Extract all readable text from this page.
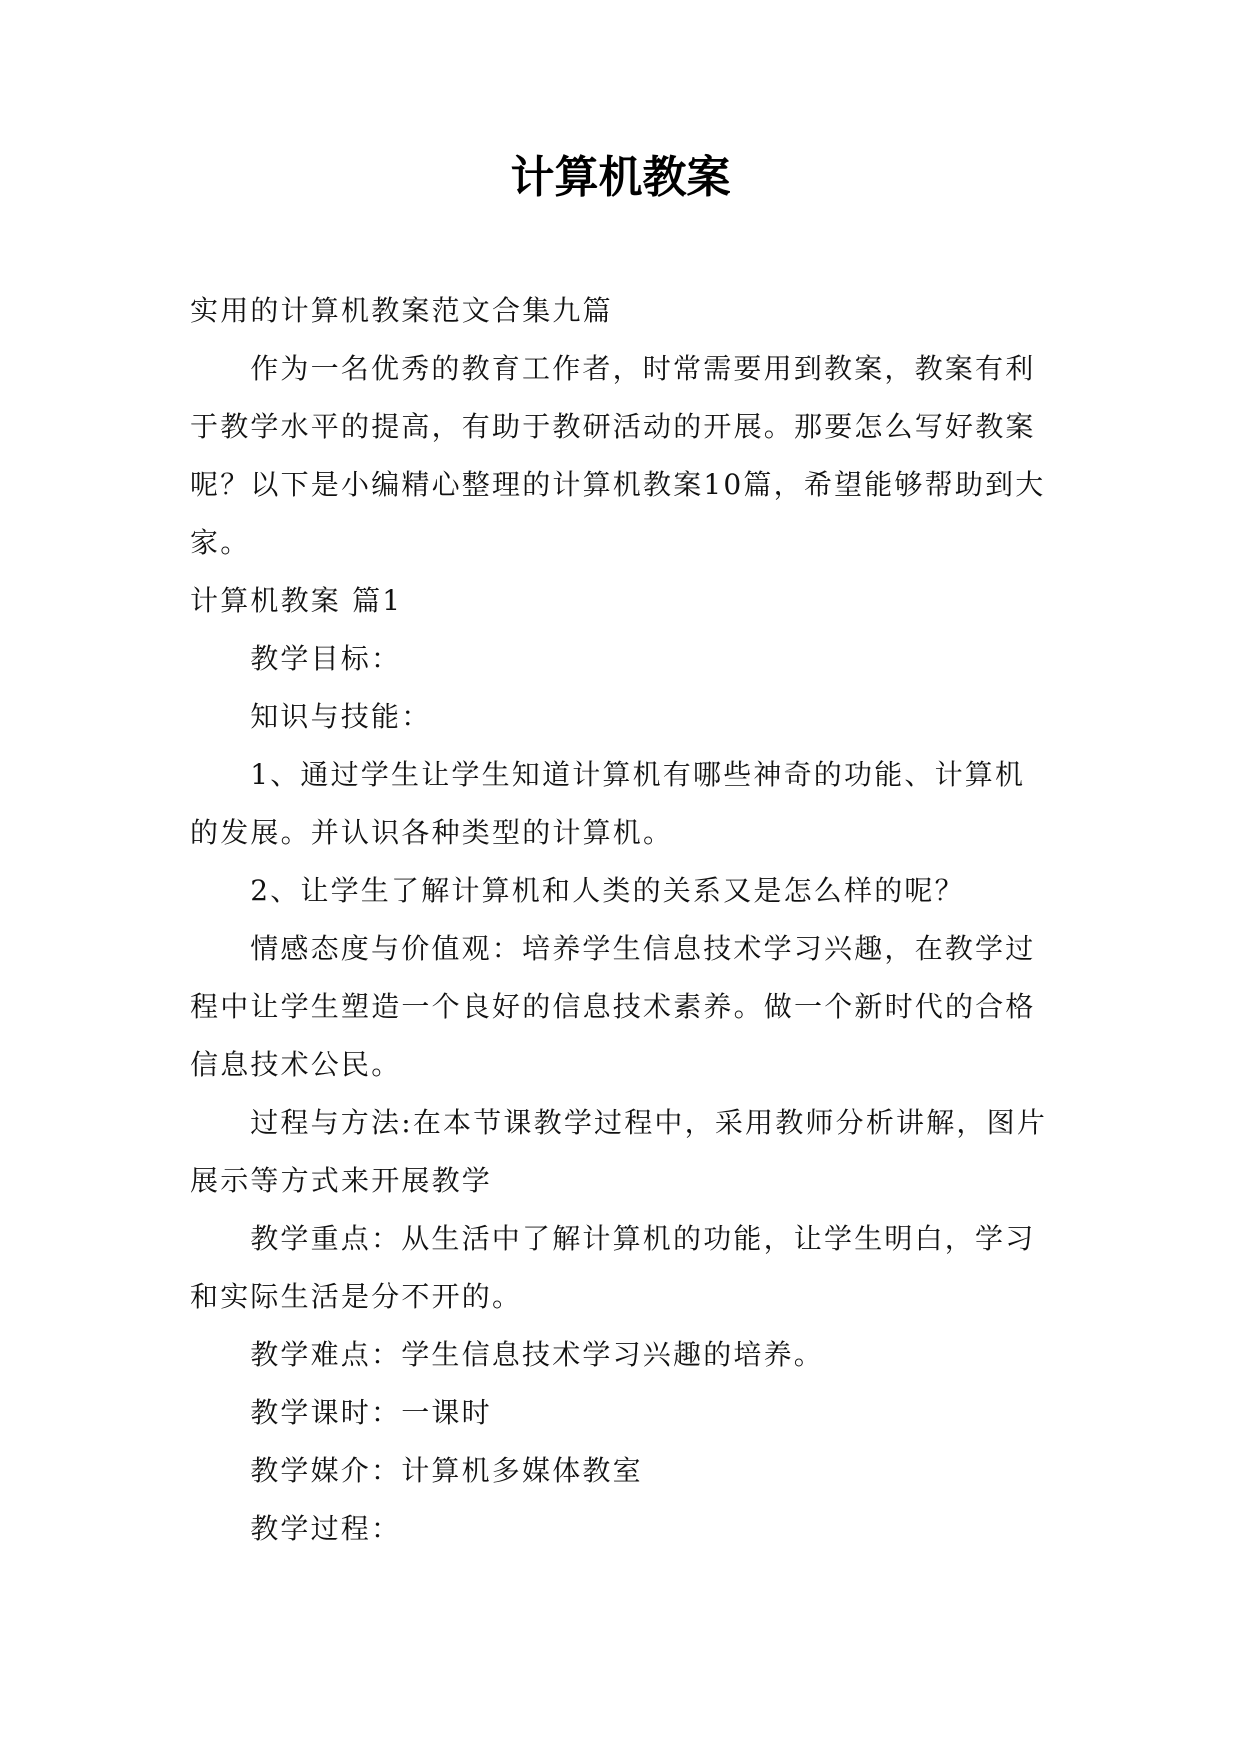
计算机教案

实用的计算机教案范文合集九篇

作为一名优秀的教育工作者，时常需要用到教案，教案有利于教学水平的提高，有助于教研活动的开展。那要怎么写好教案呢？以下是小编精心整理的计算机教案10篇，希望能够帮助到大家。

计算机教案 篇1

教学目标：

知识与技能：

1、通过学生让学生知道计算机有哪些神奇的功能、计算机的发展。并认识各种类型的计算机。

2、让学生了解计算机和人类的关系又是怎么样的呢？

情感态度与价值观：培养学生信息技术学习兴趣，在教学过程中让学生塑造一个良好的信息技术素养。做一个新时代的合格信息技术公民。

过程与方法:在本节课教学过程中，采用教师分析讲解，图片展示等方式来开展教学

教学重点：从生活中了解计算机的功能，让学生明白，学习和实际生活是分不开的。

教学难点：学生信息技术学习兴趣的培养。

教学课时：一课时

教学媒介：计算机多媒体教室

教学过程：
